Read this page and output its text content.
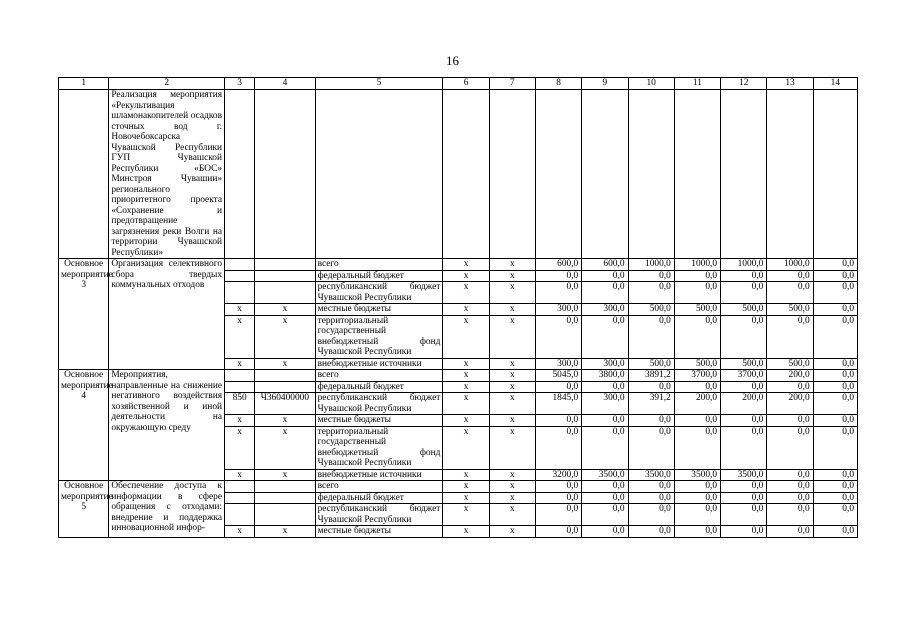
16
1	2	3	4	5	6	7	8	9	10	11	12	13	14
	Реализация мероприятия «Рекультивация шламонакопителей осадков сточных вод г. Новочебоксарска Чувашской Республики ГУП Чувашской Республики «БОС» Минстроя Чувашии» регионального приоритетного проекта «Сохранение и предотвращение загрязнения реки Волги на территории Чувашской Республики»												
Основное мероприятие 3	Организация селективного сбора твердых коммунальных отходов			всего	x	x	600,0	600,0	1000,0	1000,0	1000,0	1000,0	0,0
				федеральный бюджет	x	x	0,0	0,0	0,0	0,0	0,0	0,0	0,0
				республиканский бюджет Чувашской Республики	x	x	0,0	0,0	0,0	0,0	0,0	0,0	0,0
		x	x	местные бюджеты	x	x	300,0	300,0	500,0	500,0	500,0	500,0	0,0
		x	x	территориальный государственный внебюджетный фонд Чувашской Республики	x	x	0,0	0,0	0,0	0,0	0,0	0,0	0,0
		x	x	внебюджетные источники	x	x	300,0	300,0	500,0	500,0	500,0	500,0	0,0
Основное мероприятие 4	Мероприятия, направленные на снижение негативного воздействия хозяйственной и иной деятельности на окружающую среду			всего	x	x	5045,0	3800,0	3891,2	3700,0	3700,0	200,0	0,0
				федеральный бюджет	x	x	0,0	0,0	0,0	0,0	0,0	0,0	0,0
		850	Ч360400000	республиканский бюджет Чувашской Республики	x	x	1845,0	300,0	391,2	200,0	200,0	200,0	0,0
		x	x	местные бюджеты	x	x	0,0	0,0	0,0	0,0	0,0	0,0	0,0
		x	x	территориальный государственный внебюджетный фонд Чувашской Республики	x	x	0,0	0,0	0,0	0,0	0,0	0,0	0,0
		x	x	внебюджетные источники	x	x	3200,0	3500,0	3500,0	3500,0	3500,0	0,0	0,0
Основное мероприятие 5	Обеспечение доступа к информации в сфере обращения с отходами: внедрение и поддержка инновационной инфор-			всего	x	x	0,0	0,0	0,0	0,0	0,0	0,0	0,0
				федеральный бюджет	x	x	0,0	0,0	0,0	0,0	0,0	0,0	0,0
				республиканский бюджет Чувашской Республики	x	x	0,0	0,0	0,0	0,0	0,0	0,0	0,0
		x	x	местные бюджеты	x	x	0,0	0,0	0,0	0,0	0,0	0,0	0,0
